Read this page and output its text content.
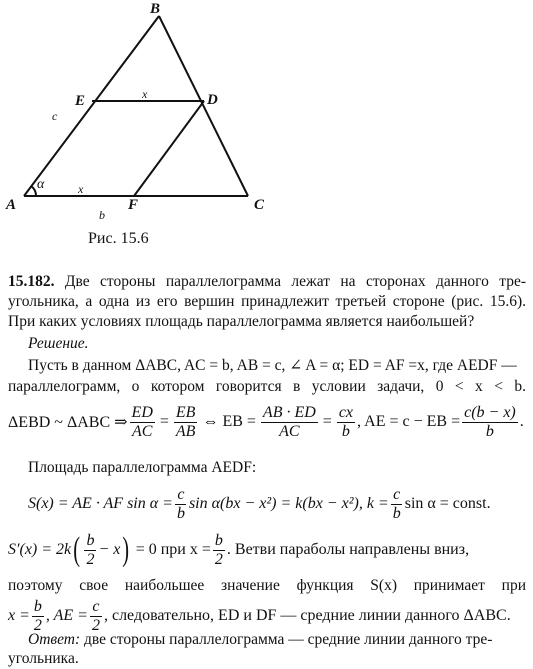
B
E	D
A	F	C
c
x
x
b
α
Рис. 15.6
15.182. Две стороны параллелограмма лежат на сторонах данного тре-
угольника, а одна из его вершин принадлежит третьей стороне (рис. 15.6).
При каких условиях площадь параллелограмма является наибольшей?
Решение.
Пусть в данном ΔABC, AC = b, AB = c, ∠ A = α; ED = AF =x, где AEDF —
параллелограмм, о котором говорится в условии задачи, 0 < x < b.
ΔEBD ~ ΔABC ⇒ $\frac{ED}{AC} = \frac{EB}{AB}$ ⇔ EB = $\frac{AB \cdot ED}{AC} = \frac{cx}{b}$ , AE = c − EB = $\frac{c(b - x)}{b}$ .
Площадь параллелограмма AEDF:
S(x) = AE · AF $\sin \alpha = \frac{c}{b}$ sin α(bx − x²) = k(bx − x²), $k = \frac{c}{b}$ sin α = const.
S′(x) = 2k ( $\frac{b}{2} - x$ ) = 0 при $x = \frac{b}{2}$ . Ветви параболы направлены вниз,
поэтому свое наибольшее значение функция S(x) принимает при
$x = \frac{b}{2}$ , AE = $\frac{c}{2}$ , следовательно, ED и DF — средние линии данного ΔABC.
Ответ: две стороны параллелограмма — средние линии данного тре-
угольника.
